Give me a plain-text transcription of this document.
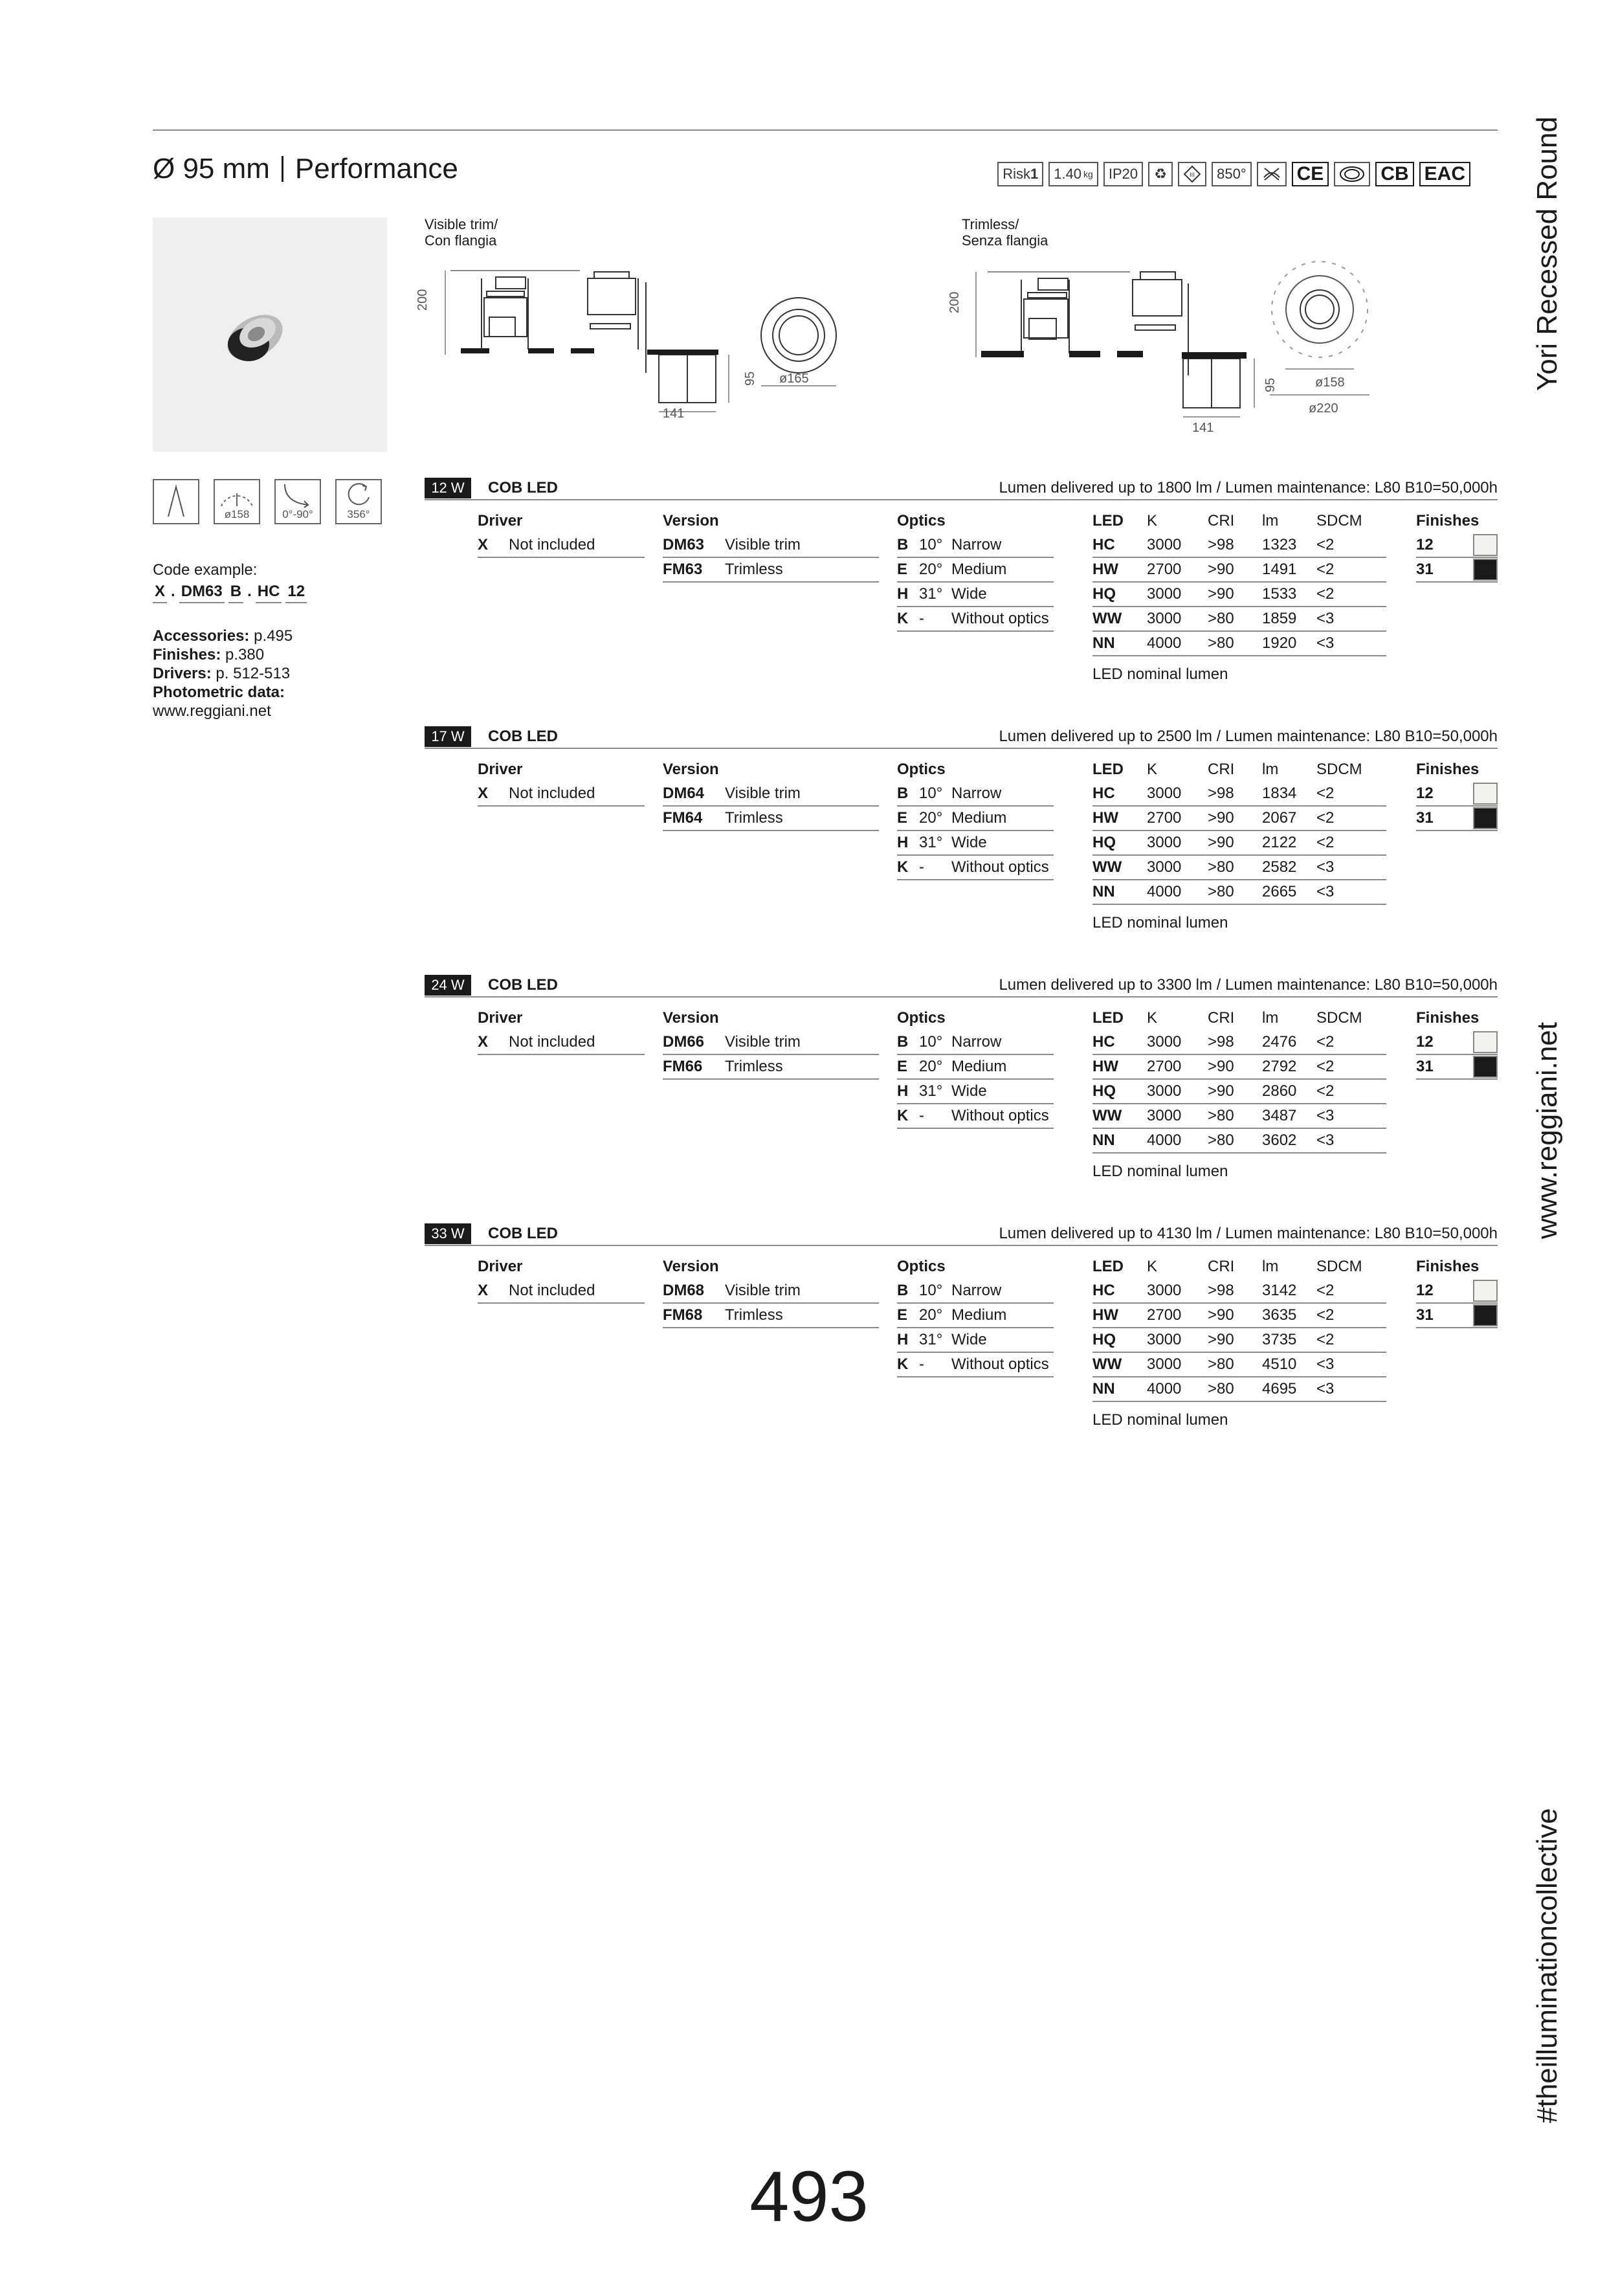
Ø 95 mm Performance	Risk 1 1.40 kg	IP20	♻	III	850°	CE	CB EAC
Visible trim/
Con flangia
Trimless/
Senza flangia
200
141
95 ø165
200
141
95	ø158
ø220
ø158	0°-90°	356°
Code example:
X . DM63 B . HC 12
Accessories: p.495
Finishes: p.380
Drivers: p. 512-513
Photometric data:
www.reggiani.net
Yori Recessed Round
www.reggiani.net
#theilluminationcollective
12 W	COB LED	Lumen delivered up to 1800 lm / Lumen maintenance: L80 B10=50,000h
Driver
X Not included
Version
DM63 Visible trim
FM63 Trimless
Optics
B 10° Narrow
E 20° Medium
H 31° Wide
K - Without optics
LED K	CRI lm SDCM
HC 3000 >98 1323 <2
HW 2700 >90 1491 <2
HQ 3000 >90 1533 <2
WW 3000 >80 1859 <3
NN 4000 >80 1920 <3
LED nominal lumen
Finishes
12
31
17 W	COB LED	Lumen delivered up to 2500 lm / Lumen maintenance: L80 B10=50,000h
Driver
X Not included
Version
DM64 Visible trim
FM64 Trimless
Optics
B 10° Narrow
E 20° Medium
H 31° Wide
K - Without optics
LED K	CRI lm SDCM
HC 3000 >98 1834 <2
HW 2700 >90 2067 <2
HQ 3000 >90 2122 <2
WW 3000 >80 2582 <3
NN 4000 >80 2665 <3
LED nominal lumen
Finishes
12
31
24 W	COB LED	Lumen delivered up to 3300 lm / Lumen maintenance: L80 B10=50,000h
Driver
X Not included
Version
DM66 Visible trim
FM66 Trimless
Optics
B 10° Narrow
E 20° Medium
H 31° Wide
K - Without optics
LED K	CRI lm SDCM
HC 3000 >98 2476 <2
HW 2700 >90 2792 <2
HQ 3000 >90 2860 <2
WW 3000 >80 3487 <3
NN 4000 >80 3602 <3
LED nominal lumen
Finishes
12
31
33 W	COB LED	Lumen delivered up to 4130 lm / Lumen maintenance: L80 B10=50,000h
Driver
X Not included
Version
DM68 Visible trim
FM68 Trimless
Optics
B 10° Narrow
E 20° Medium
H 31° Wide
K - Without optics
LED K	CRI lm SDCM
HC 3000 >98 3142 <2
HW 2700 >90 3635 <2
HQ 3000 >90 3735 <2
WW 3000 >80 4510 <3
NN 4000 >80 4695 <3
LED nominal lumen
Finishes
12
31
493
